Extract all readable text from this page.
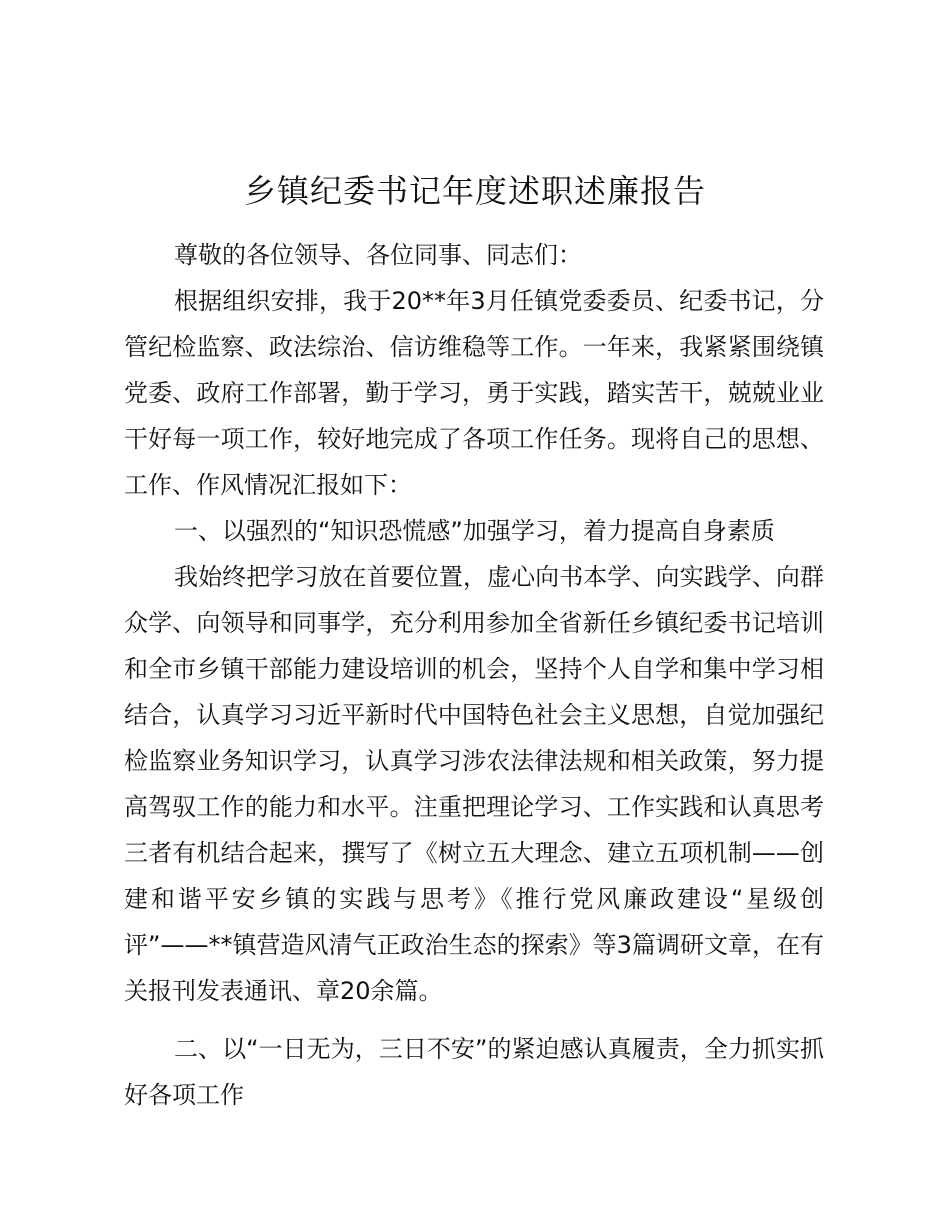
乡镇纪委书记年度述职述廉报告

尊敬的各位领导、各位同事、同志们：

根据组织安排，我于20**年3月任镇党委委员、纪委书记，分管纪检监察、政法综治、信访维稳等工作。一年来，我紧紧围绕镇党委、政府工作部署，勤于学习，勇于实践，踏实苦干，兢兢业业干好每一项工作，较好地完成了各项工作任务。现将自己的思想、工作、作风情况汇报如下：

一、以强烈的“知识恐慌感”加强学习，着力提高自身素质

我始终把学习放在首要位置，虚心向书本学、向实践学、向群众学、向领导和同事学，充分利用参加全省新任乡镇纪委书记培训和全市乡镇干部能力建设培训的机会，坚持个人自学和集中学习相结合，认真学习习近平新时代中国特色社会主义思想，自觉加强纪检监察业务知识学习，认真学习涉农法律法规和相关政策，努力提高驾驭工作的能力和水平。注重把理论学习、工作实践和认真思考三者有机结合起来，撰写了《树立五大理念、建立五项机制——创建和谐平安乡镇的实践与思考》《推行党风廉政建设“星级创评”——**镇营造风清气正政治生态的探索》等3篇调研文章，在有关报刊发表通讯、章20余篇。

二、以“一日无为，三日不安”的紧迫感认真履责，全力抓实抓好各项工作
